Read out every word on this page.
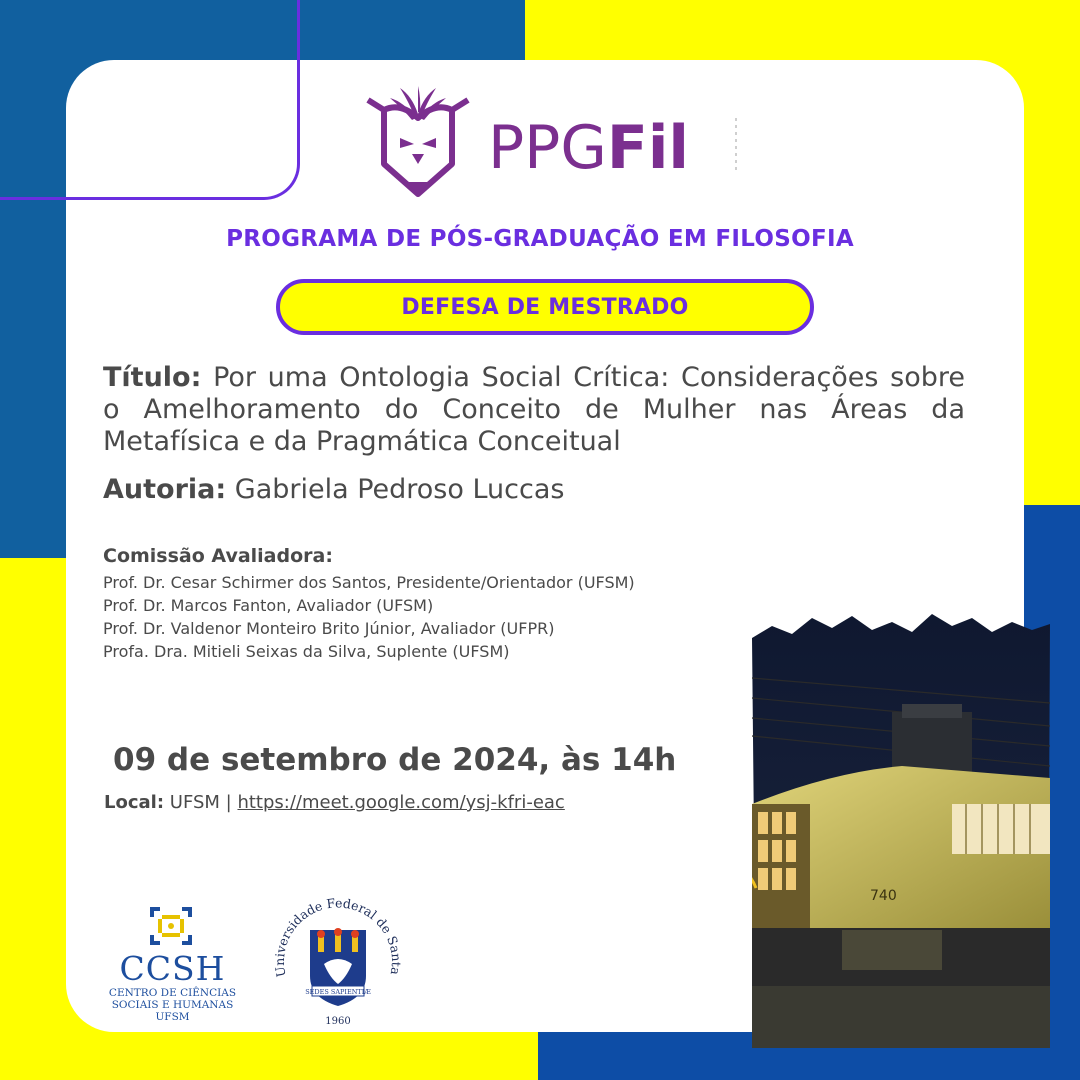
PPGFil
PROGRAMA DE PÓS-GRADUAÇÃO EM FILOSOFIA
DEFESA DE MESTRADO
Título: Por uma Ontologia Social Crítica: Considerações sobre o Amelhoramento do Conceito de Mulher nas Áreas da Metafísica e da Pragmática Conceitual
Autoria: Gabriela Pedroso Luccas
Comissão Avaliadora:
Prof. Dr. Cesar Schirmer dos Santos, Presidente/Orientador (UFSM)
Prof. Dr. Marcos Fanton, Avaliador (UFSM)
Prof. Dr. Valdenor Monteiro Brito Júnior, Avaliador (UFPR)
Profa. Dra. Mitieli Seixas da Silva, Suplente (UFSM)
09 de setembro de 2024, às 14h
Local: UFSM | https://meet.google.com/ysj-kfri-eac
CCSH
CENTRO DE CIÊNCIAS
SOCIAIS E HUMANAS
UFSM
Universidade Federal de Santa
SEDES SAPIENTIÆ
1960
740
